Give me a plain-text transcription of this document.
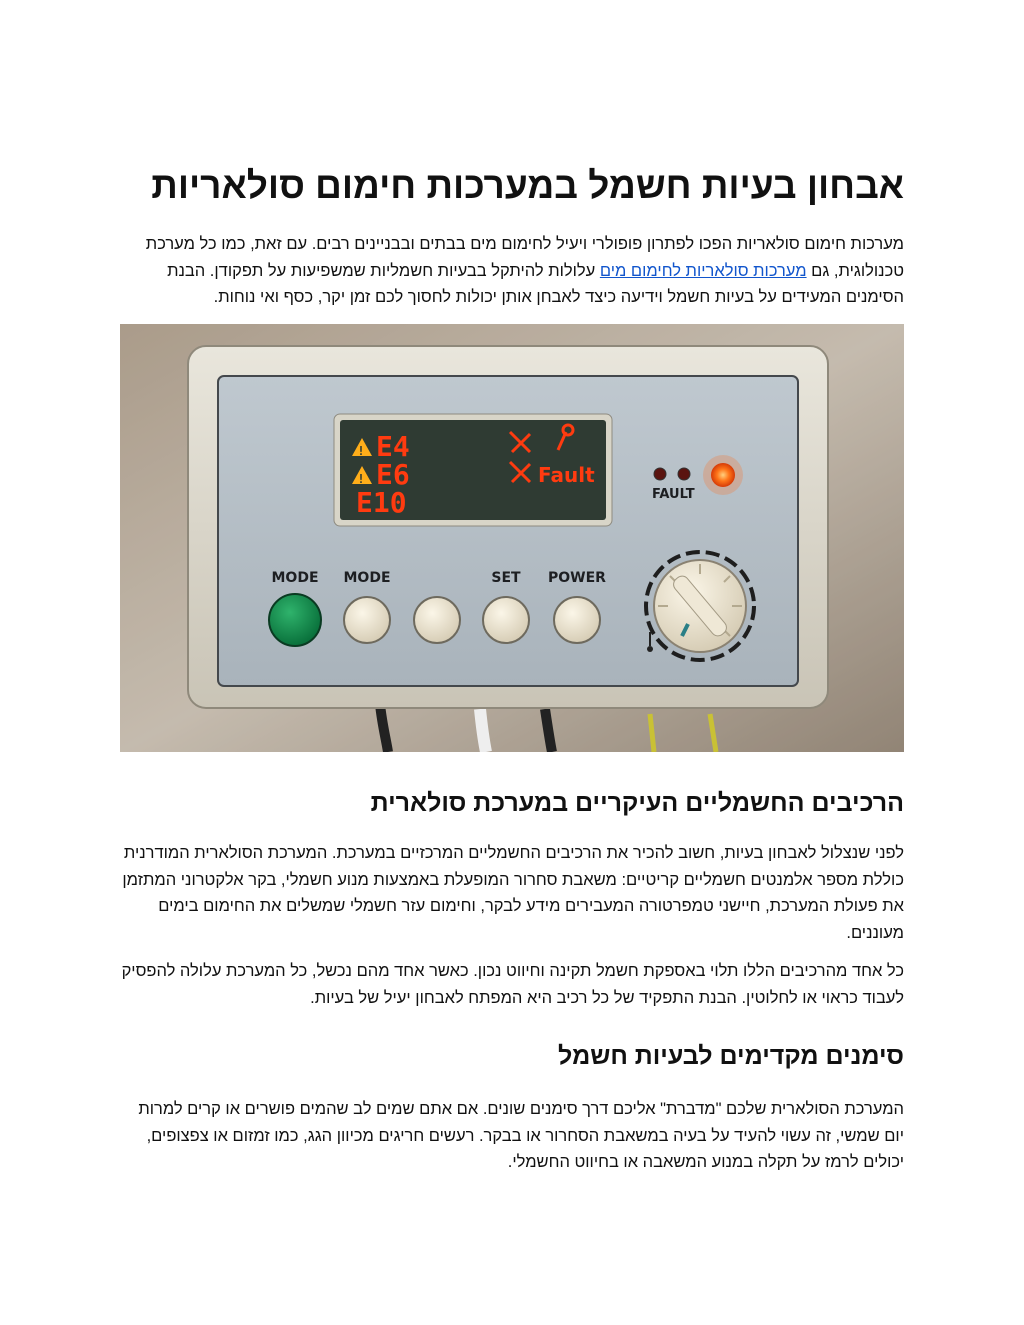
אבחון בעיות חשמל במערכות חימום סולאריות

מערכות חימום סולאריות הפכו לפתרון פופולרי ויעיל לחימום מים בבתים ובבניינים רבים. עם זאת, כמו כל מערכת טכנולוגית, גם מערכות סולאריות לחימום מים עלולות להיתקל בבעיות חשמליות שמשפיעות על תפקודן. הבנת הסימנים המעידים על בעיות חשמל וידיעה כיצד לאבחן אותן יכולות לחסוך לכם זמן יקר, כסף ואי נוחות.

! E4
! E6
E10
Fault
FAULT
MODE MODE	SET POWER
הרכיבים החשמליים העיקריים במערכת סולארית

לפני שנצלול לאבחון בעיות, חשוב להכיר את הרכיבים החשמליים המרכזיים במערכת. המערכת הסולארית המודרנית כוללת מספר אלמנטים חשמליים קריטיים: משאבת סחרור המופעלת באמצעות מנוע חשמלי, בקר אלקטרוני המתזמן את פעולת המערכת, חיישני טמפרטורה המעבירים מידע לבקר, וחימום עזר חשמלי שמשלים את החימום בימים מעוננים.

כל אחד מהרכיבים הללו תלוי באספקת חשמל תקינה וחיווט נכון. כאשר אחד מהם נכשל, כל המערכת עלולה להפסיק לעבוד כראוי או לחלוטין. הבנת התפקיד של כל רכיב היא המפתח לאבחון יעיל של בעיות.

סימנים מקדימים לבעיות חשמל

המערכת הסולארית שלכם "מדברת" אליכם דרך סימנים שונים. אם אתם שמים לב שהמים פושרים או קרים למרות יום שמשי, זה עשוי להעיד על בעיה במשאבת הסחרור או בבקר. רעשים חריגים מכיוון הגג, כמו זמזום או צפצופים, יכולים לרמז על תקלה במנוע המשאבה או בחיווט החשמלי.
